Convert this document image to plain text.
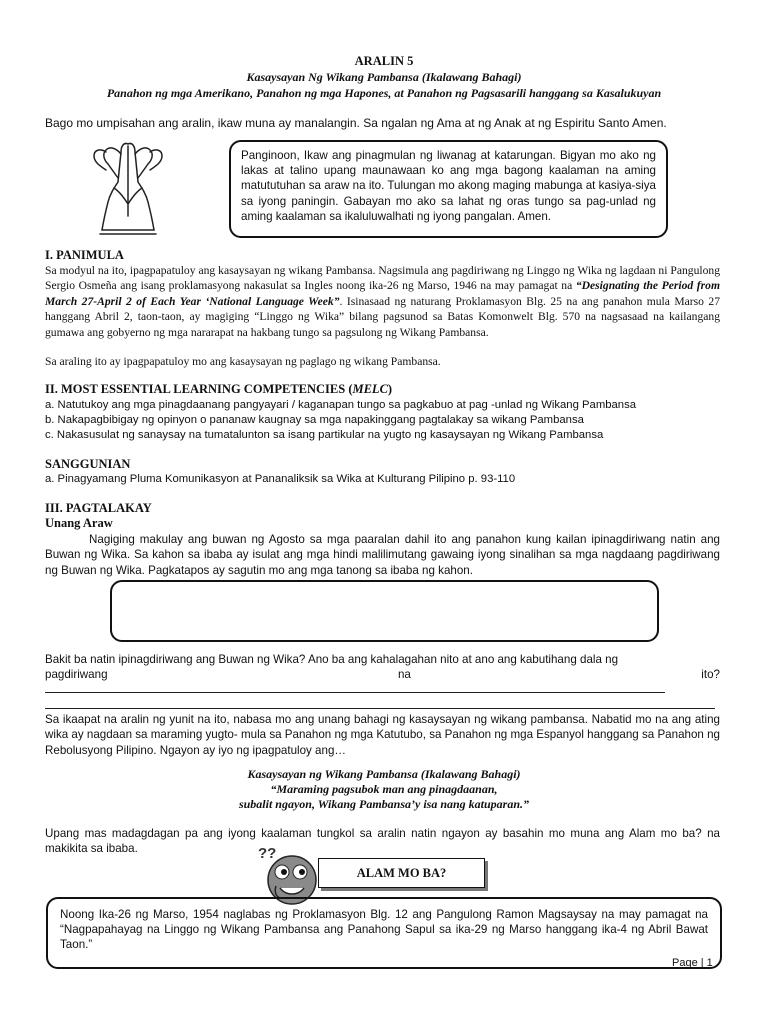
ARALIN 5
Kasaysayan Ng Wikang Pambansa (Ikalawang Bahagi)
Panahon ng mga Amerikano, Panahon ng mga Hapones, at Panahon ng Pagsasarili hanggang sa Kasalukuyan
Bago mo umpisahan ang aralin, ikaw muna ay manalangin. Sa ngalan ng Ama at ng Anak at ng Espiritu Santo Amen.
Panginoon, Ikaw ang pinagmulan ng liwanag at katarungan. Bigyan mo ako ng lakas at talino upang maunawaan ko ang mga bagong kaalaman na aming matututuhan sa araw na ito. Tulungan mo akong maging mabunga at kasiya-siya sa iyong paningin. Gabayan mo ako sa lahat ng oras tungo sa pag-unlad ng aming kaalaman sa ikaluluwalhati ng iyong pangalan. Amen.
I. PANIMULA
Sa modyul na ito, ipagpapatuloy ang kasaysayan ng wikang Pambansa. Nagsimula ang pagdiriwang ng Linggo ng Wika ng lagdaan ni Pangulong Sergio Osmeña ang isang proklamasyong nakasulat sa Ingles noong ika-26 ng Marso, 1946 na may pamagat na “Designating the Period from March 27-April 2 of Each Year ‘National Language Week”. Isinasaad ng naturang Proklamasyon Blg. 25 na ang panahon mula Marso 27 hanggang Abril 2, taon-taon, ay magiging “Linggo ng Wika” bilang pagsunod sa Batas Komonwelt Blg. 570 na nagsasaad na kailangang gumawa ang gobyerno ng mga nararapat na hakbang tungo sa pagsulong ng Wikang Pambansa.
Sa araling ito ay ipagpapatuloy mo ang kasaysayan ng paglago ng wikang Pambansa.
II. MOST ESSENTIAL LEARNING COMPETENCIES (MELC)
a. Natutukoy ang mga pinagdaanang pangyayari / kaganapan tungo sa pagkabuo at pag -unlad ng Wikang Pambansa
b. Nakapagbibigay ng opinyon o pananaw kaugnay sa mga napakinggang pagtalakay sa wikang Pambansa
c. Nakasusulat ng sanaysay na tumatalunton sa isang partikular na yugto ng kasaysayan ng Wikang Pambansa
SANGGUNIAN
a. Pinagyamang Pluma Komunikasyon at Pananaliksik sa Wika at Kulturang Pilipino p. 93-110
III. PAGTALAKAY
Unang Araw
Nagiging makulay ang buwan ng Agosto sa mga paaralan dahil ito ang panahon kung kailan ipinagdiriwang natin ang Buwan ng Wika. Sa kahon sa ibaba ay isulat ang mga hindi malilimutang gawaing iyong sinalihan sa mga nagdaang pagdiriwang ng Buwan ng Wika. Pagkatapos ay sagutin mo ang mga tanong sa ibaba ng kahon.
Bakit ba natin ipinagdiriwang ang Buwan ng Wika? Ano ba ang kahalagahan nito at ano ang kabutihang dala ng
pagdiriwang	na	ito?
Sa ikaapat na aralin ng yunit na ito, nabasa mo ang unang bahagi ng kasaysayan ng wikang pambansa. Nabatid mo na ang ating wika ay nagdaan sa maraming yugto- mula sa Panahon ng mga Katutubo, sa Panahon ng mga Espanyol hanggang sa Panahon ng Rebolusyong Pilipino. Ngayon ay iyo ng ipagpatuloy ang…
Kasaysayan ng Wikang Pambansa (Ikalawang Bahagi)
“Maraming pagsubok man ang pinagdaanan,
subalit ngayon, Wikang Pambansa’y isa nang katuparan.”
Upang mas madagdagan pa ang iyong kaalaman tungkol sa aralin natin ngayon ay basahin mo muna ang Alam mo ba? na makikita sa ibaba.	??
ALAM MO BA?
Noong Ika-26 ng Marso, 1954 naglabas ng Proklamasyon Blg. 12 ang Pangulong Ramon Magsaysay na may pamagat na “Nagpapahayag na Linggo ng Wikang Pambansa ang Panahong Sapul sa ika-29 ng Marso hanggang ika-4 ng Abril Bawat Taon.”
Page | 1
